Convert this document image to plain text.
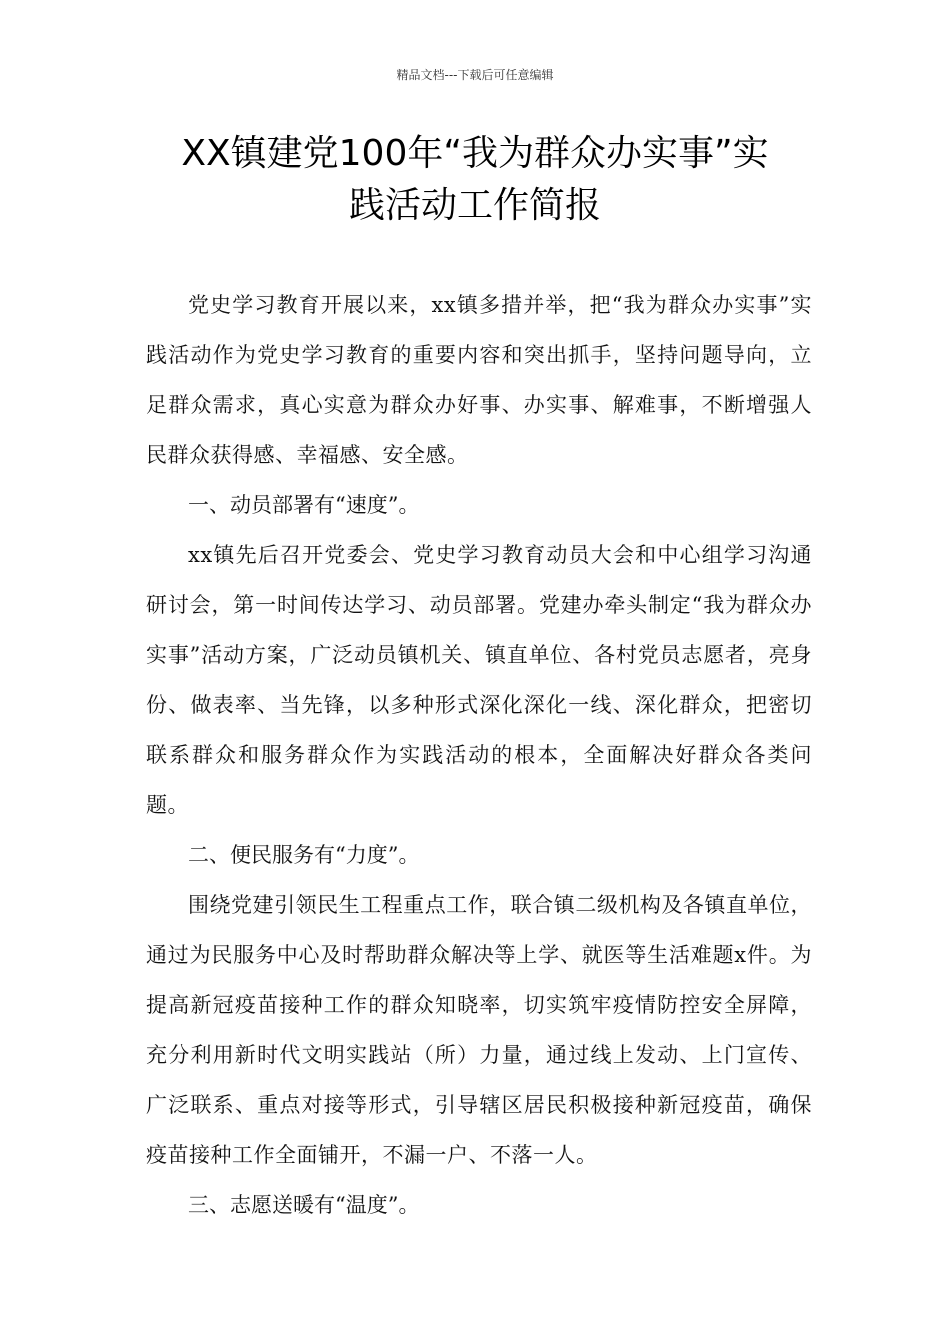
精品文档---下载后可任意编辑
XX镇建党100年“我为群众办实事”实
践活动工作简报

党史学习教育开展以来，xx镇多措并举，把“我为群众办实事”实践活动作为党史学习教育的重要内容和突出抓手，坚持问题导向，立足群众需求，真心实意为群众办好事、办实事、解难事，不断增强人民群众获得感、幸福感、安全感。

一、动员部署有“速度”。

xx镇先后召开党委会、党史学习教育动员大会和中心组学习沟通研讨会，第一时间传达学习、动员部署。党建办牵头制定“我为群众办实事”活动方案，广泛动员镇机关、镇直单位、各村党员志愿者，亮身份、做表率、当先锋，以多种形式深化深化一线、深化群众，把密切联系群众和服务群众作为实践活动的根本，全面解决好群众各类问题。

二、便民服务有“力度”。

围绕党建引领民生工程重点工作，联合镇二级机构及各镇直单位，通过为民服务中心及时帮助群众解决等上学、就医等生活难题x件。为提高新冠疫苗接种工作的群众知晓率，切实筑牢疫情防控安全屏障，充分利用新时代文明实践站（所）力量，通过线上发动、上门宣传、广泛联系、重点对接等形式，引导辖区居民积极接种新冠疫苗，确保疫苗接种工作全面铺开，不漏一户、不落一人。

三、志愿送暖有“温度”。
